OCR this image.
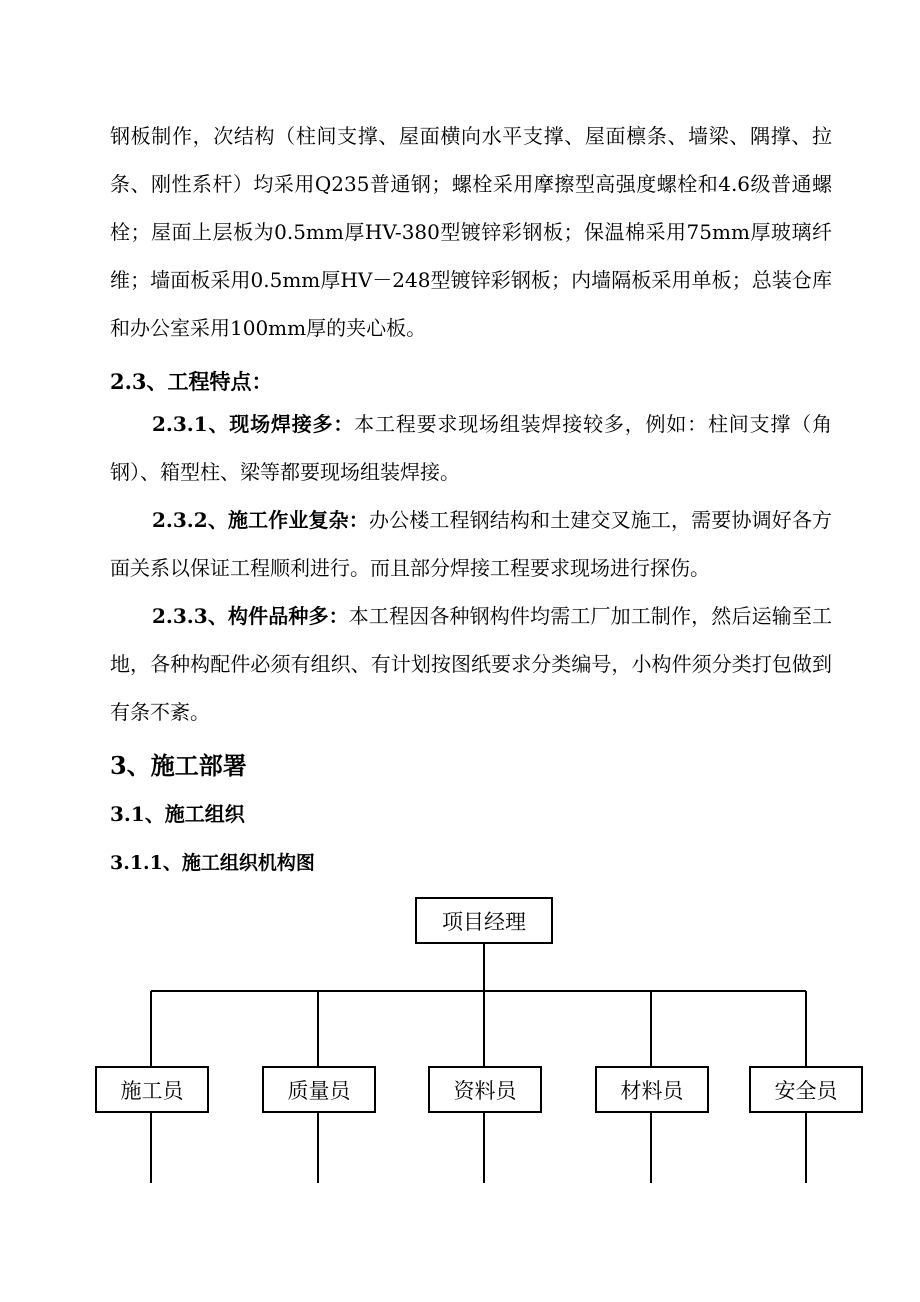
钢板制作，次结构（柱间支撑、屋面横向水平支撑、屋面檩条、墙梁、隅撑、拉条、刚性系杆）均采用Q235普通钢；螺栓采用摩擦型高强度螺栓和4.6级普通螺栓；屋面上层板为0.5mm厚HV-380型镀锌彩钢板；保温棉采用75mm厚玻璃纤维；墙面板采用0.5mm厚HV－248型镀锌彩钢板；内墙隔板采用单板；总装仓库和办公室采用100mm厚的夹心板。

2.3、工程特点：

2.3.1、现场焊接多：本工程要求现场组装焊接较多，例如：柱间支撑（角钢）、箱型柱、梁等都要现场组装焊接。

2.3.2、施工作业复杂：办公楼工程钢结构和土建交叉施工，需要协调好各方面关系以保证工程顺利进行。而且部分焊接工程要求现场进行探伤。

2.3.3、构件品种多：本工程因各种钢构件均需工厂加工制作，然后运输至工地，各种构配件必须有组织、有计划按图纸要求分类编号，小构件须分类打包做到有条不紊。

3、施工部署
3.1、施工组织
3.1.1、施工组织机构图
项目经理
施工员	质量员	资料员	材料员	安全员
